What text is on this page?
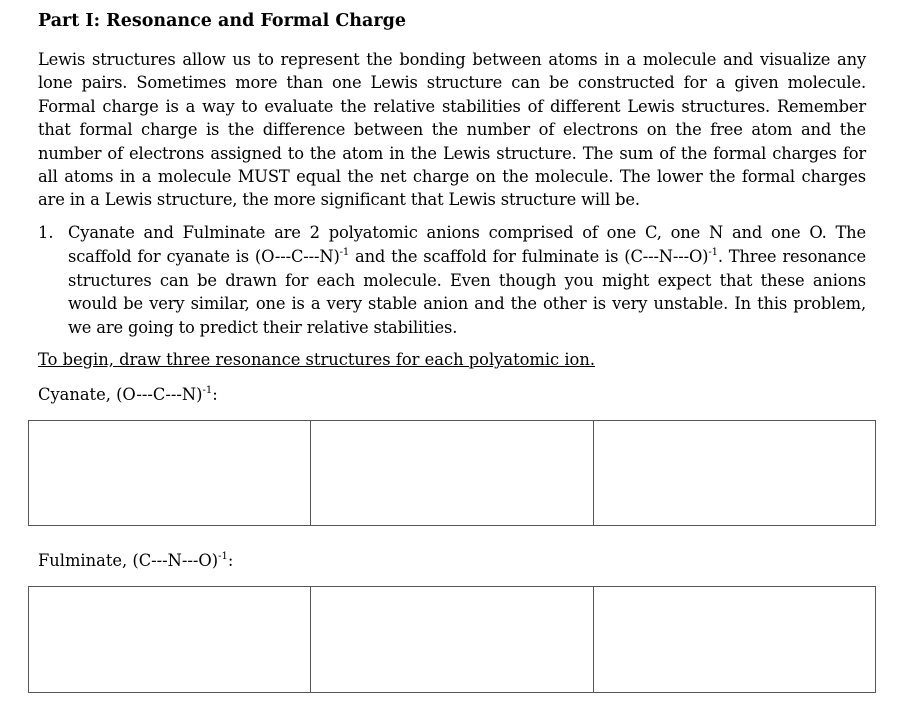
Part I: Resonance and Formal Charge
Lewis structures allow us to represent the bonding between atoms in a molecule and visualize any lone pairs. Sometimes more than one Lewis structure can be constructed for a given molecule. Formal charge is a way to evaluate the relative stabilities of different Lewis structures. Remember that formal charge is the difference between the number of electrons on the free atom and the number of electrons assigned to the atom in the Lewis structure. The sum of the formal charges for all atoms in a molecule MUST equal the net charge on the molecule. The lower the formal charges are in a Lewis structure, the more significant that Lewis structure will be.
1. Cyanate and Fulminate are 2 polyatomic anions comprised of one C, one N and one O. The scaffold for cyanate is $(O---C---N)^{-1}$ and the scaffold for fulminate is $(C---N---O)^{-1}$. Three resonance structures can be drawn for each molecule. Even though you might expect that these anions would be very similar, one is a very stable anion and the other is very unstable. In this problem, we are going to predict their relative stabilities.
To begin, draw three resonance structures for each polyatomic ion.
Cyanate, $(O---C---N)^{-1}$:
Fulminate, $(C---N---O)^{-1}$:
